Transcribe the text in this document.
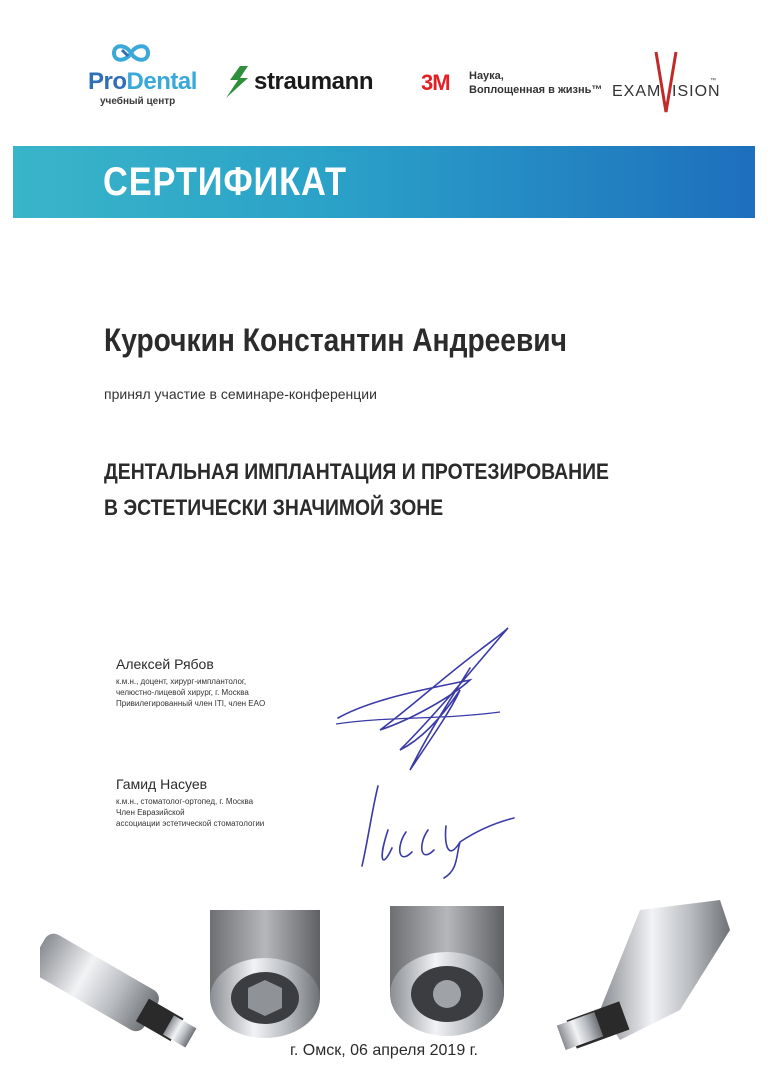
ProDental
учебный центр
straumann 3M Наука,
Воплощенная в жизнь™ EXAM ISION
™
СЕРТИФИКАТ
Курочкин Константин Андреевич
принял участие в семинаре-конференции
ДЕНТАЛЬНАЯ ИМПЛАНТАЦИЯ И ПРОТЕЗИРОВАНИЕ
В ЭСТЕТИЧЕСКИ ЗНАЧИМОЙ ЗОНЕ
Алексей Рябов
к.м.н., доцент, хирург-имплантолог,
челюстно-лицевой хирург, г. Москва
Привилегированный член ITI, член EAO
Гамид Насуев
к.м.н., стоматолог-ортопед, г. Москва
Член Евразийской
ассоциации эстетической стоматологии
г. Омск, 06 апреля 2019 г.
